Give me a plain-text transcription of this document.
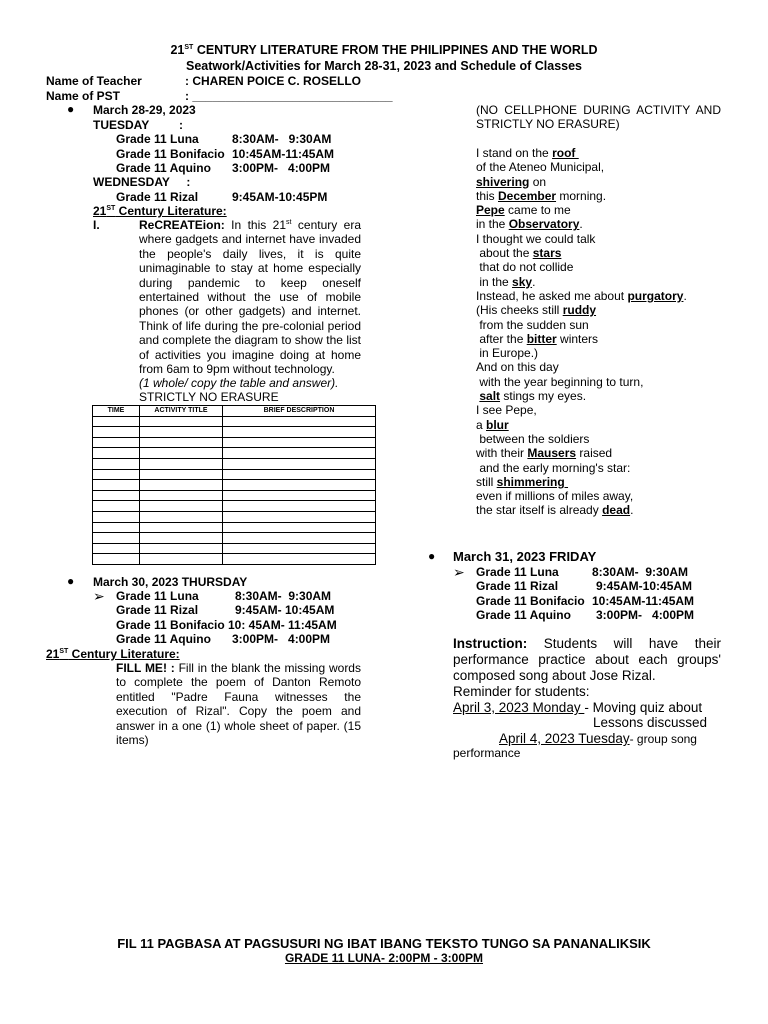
21ST CENTURY LITERATURE FROM THE PHILIPPINES AND THE WORLD
Seatwork/Activities for March 28-31, 2023 and Schedule of Classes
Name of Teacher	: CHAREN POICE C. ROSELLO
Name of PST	: ______________________________
● March 28-29, 2023
TUESDAY         :
Grade 11 Luna	8:30AM-   9:30AM
Grade 11 Bonifacio 10:45AM-11:45AM
Grade 11 Aquino 3:00PM-   4:00PM
WEDNESDAY     :
Grade 11 Rizal	9:45AM-10:45PM
21ST Century Literature:
I.	ReCREATEion: In this 21st century era where gadgets and internet have invaded the people's daily lives, it is quite unimaginable to stay at home especially during pandemic to keep oneself entertained without the use of mobile phones (or other gadgets) and internet. Think of life during the pre-colonial period and complete the diagram to show the list of activities you imagine doing at home from 6am to 9pm without technology.
(1 whole/ copy the table and answer).
STRICTLY NO ERASURE
TIME	ACTIVITY TITLE	BRIEF DESCRIPTION

● March 30, 2023 THURSDAY
➢ Grade 11 Luna	8:30AM-  9:30AM
Grade 11 Rizal	9:45AM- 10:45AM
Grade 11 Bonifacio 10: 45AM- 11:45AM
Grade 11 Aquino 3:00PM-   4:00PM
21ST Century Literature:
FILL ME! : Fill in the blank the missing words to complete the poem of Danton Remoto entitled "Padre Fauna witnesses the execution of Rizal". Copy the poem and answer in a one (1) whole sheet of paper. (15 items)
(NO CELLPHONE DURING ACTIVITY AND STRICTLY NO ERASURE)
I stand on the roof
of the Ateneo Municipal,
shivering on
this December morning.
Pepe came to me
in the Observatory.
I thought we could talk
about the stars
that do not collide
in the sky.
Instead, he asked me about purgatory.
(His cheeks still ruddy
from the sudden sun
after the bitter winters
in Europe.)
And on this day
with the year beginning to turn,
salt stings my eyes.
I see Pepe,
a blur
between the soldiers
with their Mausers raised
and the early morning's star:
still shimmering
even if millions of miles away,
the star itself is already dead.
● March 31, 2023 FRIDAY
➢ Grade 11 Luna	8:30AM-  9:30AM
Grade 11 Rizal	9:45AM-10:45AM
Grade 11 Bonifacio 10:45AM-11:45AM
Grade 11 Aquino 3:00PM-   4:00PM
Instruction: Students will have their performance practice about each groups' composed song about Jose Rizal.
Reminder for students:
April 3, 2023 Monday - Moving quiz about
Lessons discussed
April 4, 2023 Tuesday- group song
performance
FIL 11 PAGBASA AT PAGSUSURI NG IBAT IBANG TEKSTO TUNGO SA PANANALIKSIK
GRADE 11 LUNA- 2:00PM - 3:00PM
